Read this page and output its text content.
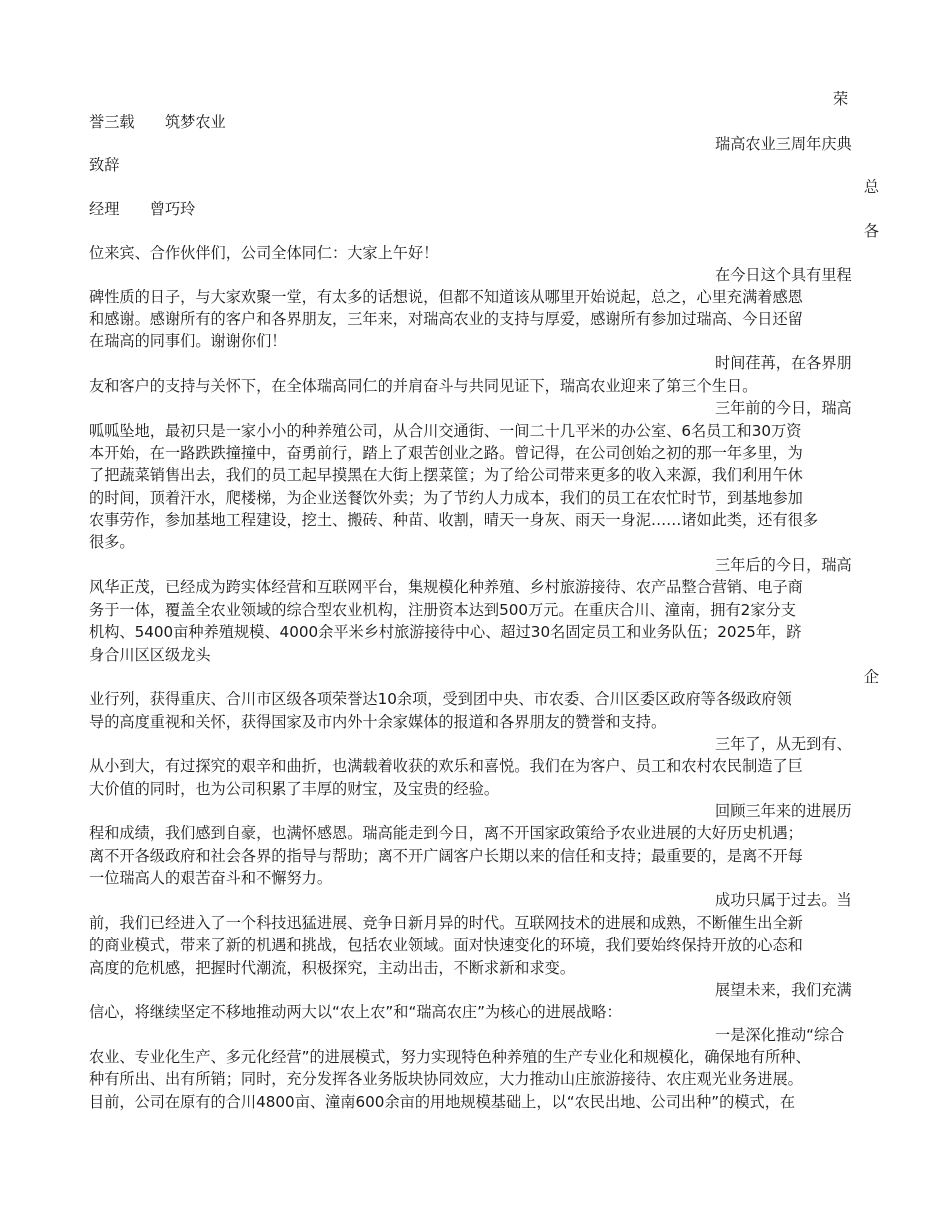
荣
誉三载　　筑梦农业
瑞高农业三周年庆典
致辞
总
经理　　曾巧玲
各
位来宾、合作伙伴们，公司全体同仁：大家上午好！
在今日这个具有里程
碑性质的日子，与大家欢聚一堂，有太多的话想说，但都不知道该从哪里开始说起，总之，心里充满着感恩
和感谢。感谢所有的客户和各界朋友，三年来，对瑞高农业的支持与厚爱，感谢所有参加过瑞高、今日还留
在瑞高的同事们。谢谢你们！
时间荏苒，在各界朋
友和客户的支持与关怀下，在全体瑞高同仁的并肩奋斗与共同见证下，瑞高农业迎来了第三个生日。
三年前的今日，瑞高
呱呱坠地，最初只是一家小小的种养殖公司，从合川交通街、一间二十几平米的办公室、6名员工和30万资
本开始，在一路跌跌撞撞中，奋勇前行，踏上了艰苦创业之路。曾记得，在公司创始之初的那一年多里，为
了把蔬菜销售出去，我们的员工起早摸黑在大街上摆菜筐；为了给公司带来更多的收入来源，我们利用午休
的时间，顶着汗水，爬楼梯，为企业送餐饮外卖；为了节约人力成本，我们的员工在农忙时节，到基地参加
农事劳作，参加基地工程建设，挖土、搬砖、种苗、收割，晴天一身灰、雨天一身泥……诸如此类，还有很多
很多。
三年后的今日，瑞高
风华正茂，已经成为跨实体经营和互联网平台，集规模化种养殖、乡村旅游接待、农产品整合营销、电子商
务于一体，覆盖全农业领域的综合型农业机构，注册资本达到500万元。在重庆合川、潼南，拥有2家分支
机构、5400亩种养殖规模、4000余平米乡村旅游接待中心、超过30名固定员工和业务队伍；2025年，跻
身合川区区级龙头
企
业行列，获得重庆、合川市区级各项荣誉达10余项，受到团中央、市农委、合川区委区政府等各级政府领
导的高度重视和关怀，获得国家及市内外十余家媒体的报道和各界朋友的赞誉和支持。
三年了，从无到有、
从小到大，有过探究的艰辛和曲折，也满载着收获的欢乐和喜悦。我们在为客户、员工和农村农民制造了巨
大价值的同时，也为公司积累了丰厚的财宝，及宝贵的经验。
回顾三年来的进展历
程和成绩，我们感到自豪，也满怀感恩。瑞高能走到今日，离不开国家政策给予农业进展的大好历史机遇；
离不开各级政府和社会各界的指导与帮助；离不开广阔客户长期以来的信任和支持；最重要的，是离不开每
一位瑞高人的艰苦奋斗和不懈努力。
成功只属于过去。当
前，我们已经进入了一个科技迅猛进展、竞争日新月异的时代。互联网技术的进展和成熟，不断催生出全新
的商业模式，带来了新的机遇和挑战，包括农业领域。面对快速变化的环境，我们要始终保持开放的心态和
高度的危机感，把握时代潮流，积极探究，主动出击，不断求新和求变。
展望未来，我们充满
信心，将继续坚定不移地推动两大以“农上农”和“瑞高农庄”为核心的进展战略：
一是深化推动“综合
农业、专业化生产、多元化经营”的进展模式，努力实现特色种养殖的生产专业化和规模化，确保地有所种、
种有所出、出有所销；同时，充分发挥各业务版块协同效应，大力推动山庄旅游接待、农庄观光业务进展。
目前，公司在原有的合川4800亩、潼南600余亩的用地规模基础上，以“农民出地、公司出种”的模式，在
